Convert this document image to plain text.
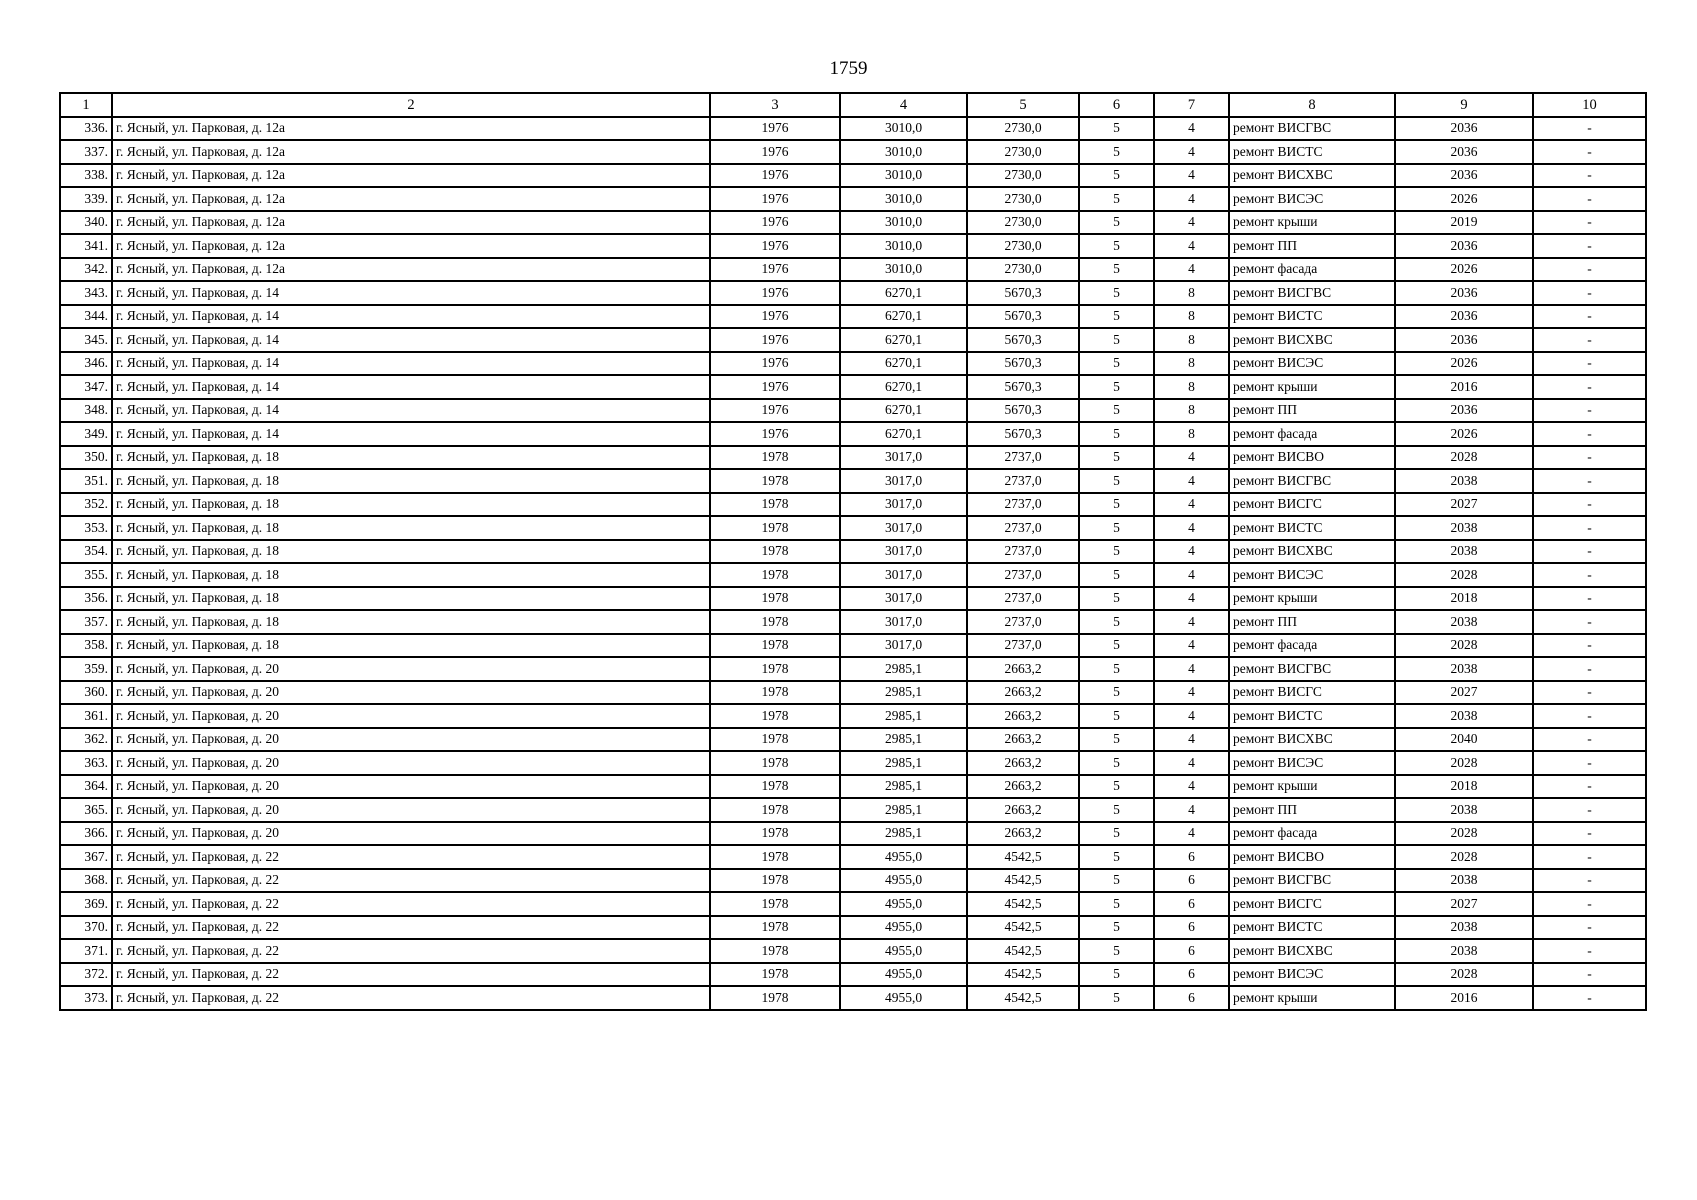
1759
1	2	3	4	5	6	7	8	9	10
336.	г. Ясный, ул. Парковая, д. 12а	1976	3010,0	2730,0	5	4	ремонт ВИСГВС	2036	-
337.	г. Ясный, ул. Парковая, д. 12а	1976	3010,0	2730,0	5	4	ремонт ВИСТС	2036	-
338.	г. Ясный, ул. Парковая, д. 12а	1976	3010,0	2730,0	5	4	ремонт ВИСХВС	2036	-
339.	г. Ясный, ул. Парковая, д. 12а	1976	3010,0	2730,0	5	4	ремонт ВИСЭС	2026	-
340.	г. Ясный, ул. Парковая, д. 12а	1976	3010,0	2730,0	5	4	ремонт крыши	2019	-
341.	г. Ясный, ул. Парковая, д. 12а	1976	3010,0	2730,0	5	4	ремонт ПП	2036	-
342.	г. Ясный, ул. Парковая, д. 12а	1976	3010,0	2730,0	5	4	ремонт фасада	2026	-
343.	г. Ясный, ул. Парковая, д. 14	1976	6270,1	5670,3	5	8	ремонт ВИСГВС	2036	-
344.	г. Ясный, ул. Парковая, д. 14	1976	6270,1	5670,3	5	8	ремонт ВИСТС	2036	-
345.	г. Ясный, ул. Парковая, д. 14	1976	6270,1	5670,3	5	8	ремонт ВИСХВС	2036	-
346.	г. Ясный, ул. Парковая, д. 14	1976	6270,1	5670,3	5	8	ремонт ВИСЭС	2026	-
347.	г. Ясный, ул. Парковая, д. 14	1976	6270,1	5670,3	5	8	ремонт крыши	2016	-
348.	г. Ясный, ул. Парковая, д. 14	1976	6270,1	5670,3	5	8	ремонт ПП	2036	-
349.	г. Ясный, ул. Парковая, д. 14	1976	6270,1	5670,3	5	8	ремонт фасада	2026	-
350.	г. Ясный, ул. Парковая, д. 18	1978	3017,0	2737,0	5	4	ремонт ВИСВО	2028	-
351.	г. Ясный, ул. Парковая, д. 18	1978	3017,0	2737,0	5	4	ремонт ВИСГВС	2038	-
352.	г. Ясный, ул. Парковая, д. 18	1978	3017,0	2737,0	5	4	ремонт ВИСГС	2027	-
353.	г. Ясный, ул. Парковая, д. 18	1978	3017,0	2737,0	5	4	ремонт ВИСТС	2038	-
354.	г. Ясный, ул. Парковая, д. 18	1978	3017,0	2737,0	5	4	ремонт ВИСХВС	2038	-
355.	г. Ясный, ул. Парковая, д. 18	1978	3017,0	2737,0	5	4	ремонт ВИСЭС	2028	-
356.	г. Ясный, ул. Парковая, д. 18	1978	3017,0	2737,0	5	4	ремонт крыши	2018	-
357.	г. Ясный, ул. Парковая, д. 18	1978	3017,0	2737,0	5	4	ремонт ПП	2038	-
358.	г. Ясный, ул. Парковая, д. 18	1978	3017,0	2737,0	5	4	ремонт фасада	2028	-
359.	г. Ясный, ул. Парковая, д. 20	1978	2985,1	2663,2	5	4	ремонт ВИСГВС	2038	-
360.	г. Ясный, ул. Парковая, д. 20	1978	2985,1	2663,2	5	4	ремонт ВИСГС	2027	-
361.	г. Ясный, ул. Парковая, д. 20	1978	2985,1	2663,2	5	4	ремонт ВИСТС	2038	-
362.	г. Ясный, ул. Парковая, д. 20	1978	2985,1	2663,2	5	4	ремонт ВИСХВС	2040	-
363.	г. Ясный, ул. Парковая, д. 20	1978	2985,1	2663,2	5	4	ремонт ВИСЭС	2028	-
364.	г. Ясный, ул. Парковая, д. 20	1978	2985,1	2663,2	5	4	ремонт крыши	2018	-
365.	г. Ясный, ул. Парковая, д. 20	1978	2985,1	2663,2	5	4	ремонт ПП	2038	-
366.	г. Ясный, ул. Парковая, д. 20	1978	2985,1	2663,2	5	4	ремонт фасада	2028	-
367.	г. Ясный, ул. Парковая, д. 22	1978	4955,0	4542,5	5	6	ремонт ВИСВО	2028	-
368.	г. Ясный, ул. Парковая, д. 22	1978	4955,0	4542,5	5	6	ремонт ВИСГВС	2038	-
369.	г. Ясный, ул. Парковая, д. 22	1978	4955,0	4542,5	5	6	ремонт ВИСГС	2027	-
370.	г. Ясный, ул. Парковая, д. 22	1978	4955,0	4542,5	5	6	ремонт ВИСТС	2038	-
371.	г. Ясный, ул. Парковая, д. 22	1978	4955,0	4542,5	5	6	ремонт ВИСХВС	2038	-
372.	г. Ясный, ул. Парковая, д. 22	1978	4955,0	4542,5	5	6	ремонт ВИСЭС	2028	-
373.	г. Ясный, ул. Парковая, д. 22	1978	4955,0	4542,5	5	6	ремонт крыши	2016	-
